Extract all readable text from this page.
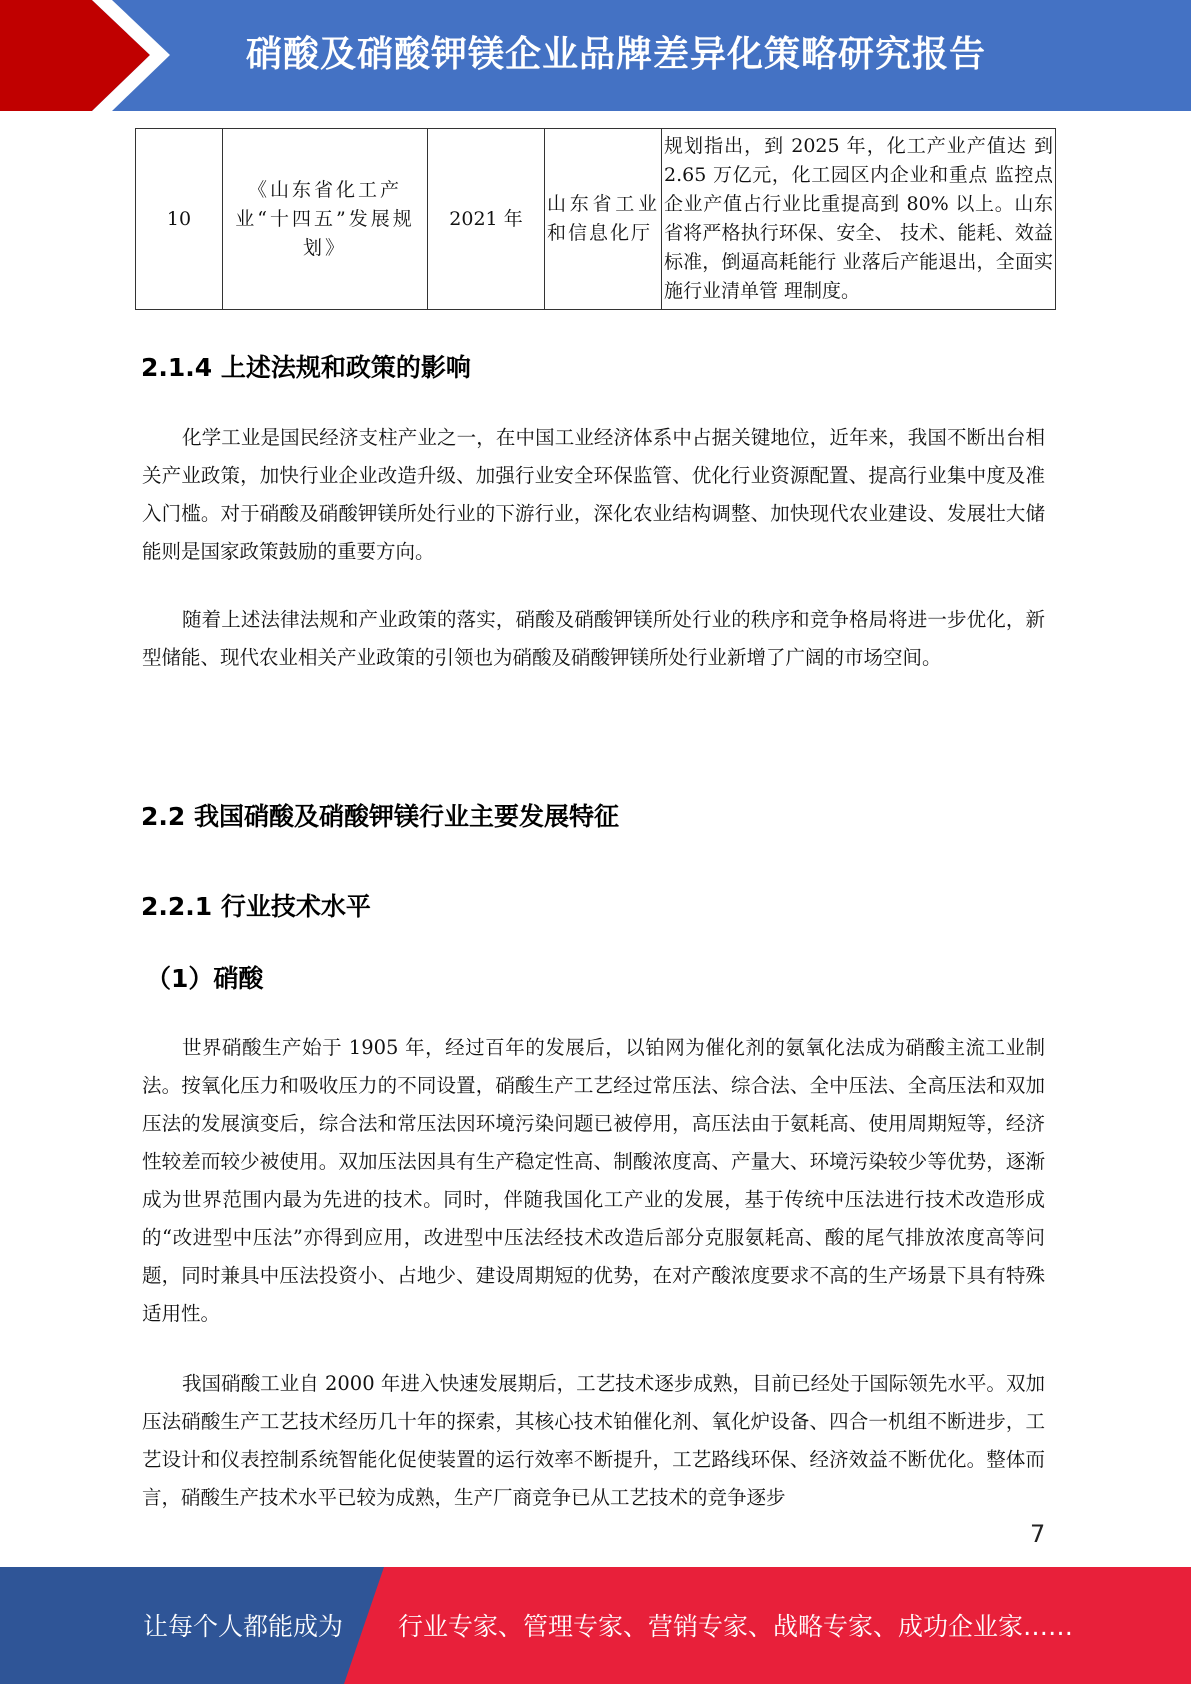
硝酸及硝酸钾镁企业品牌差异化策略研究报告
10	《山东省化工产业“十四五”发展规划》	2021 年	山东省工业和信息化厅	规划指出，到 2025 年，化工产业产值达 到 2.65 万亿元，化工园区内企业和重点 监控点企业产值占行业比重提高到 80% 以上。山东省将严格执行环保、安全、 技术、能耗、效益标准，倒逼高耗能行 业落后产能退出，全面实施行业清单管 理制度。
2.1.4 上述法规和政策的影响

化学工业是国民经济支柱产业之一，在中国工业经济体系中占据关键地位，近年来，我国不断出台相关产业政策，加快行业企业改造升级、加强行业安全环保监管、优化行业资源配置、提高行业集中度及准入门槛。对于硝酸及硝酸钾镁所处行业的下游行业，深化农业结构调整、加快现代农业建设、发展壮大储能则是国家政策鼓励的重要方向。

随着上述法律法规和产业政策的落实，硝酸及硝酸钾镁所处行业的秩序和竞争格局将进一步优化，新型储能、现代农业相关产业政策的引领也为硝酸及硝酸钾镁所处行业新增了广阔的市场空间。

2.2 我国硝酸及硝酸钾镁行业主要发展特征
2.2.1 行业技术水平
（1）硝酸

世界硝酸生产始于 1905 年，经过百年的发展后，以铂网为催化剂的氨氧化法成为硝酸主流工业制法。按氧化压力和吸收压力的不同设置，硝酸生产工艺经过常压法、综合法、全中压法、全高压法和双加压法的发展演变后，综合法和常压法因环境污染问题已被停用，高压法由于氨耗高、使用周期短等，经济性较差而较少被使用。双加压法因具有生产稳定性高、制酸浓度高、产量大、环境污染较少等优势，逐渐成为世界范围内最为先进的技术。同时，伴随我国化工产业的发展，基于传统中压法进行技术改造形成的“改进型中压法”亦得到应用，改进型中压法经技术改造后部分克服氨耗高、酸的尾气排放浓度高等问题，同时兼具中压法投资小、占地少、建设周期短的优势，在对产酸浓度要求不高的生产场景下具有特殊适用性。

我国硝酸工业自 2000 年进入快速发展期后，工艺技术逐步成熟，目前已经处于国际领先水平。双加压法硝酸生产工艺技术经历几十年的探索，其核心技术铂催化剂、氧化炉设备、四合一机组不断进步，工艺设计和仪表控制系统智能化促使装置的运行效率不断提升，工艺路线环保、经济效益不断优化。整体而言，硝酸生产技术水平已较为成熟，生产厂商竞争已从工艺技术的竞争逐步

7
让每个人都能成为 行业专家、管理专家、营销专家、战略专家、成功企业家……
